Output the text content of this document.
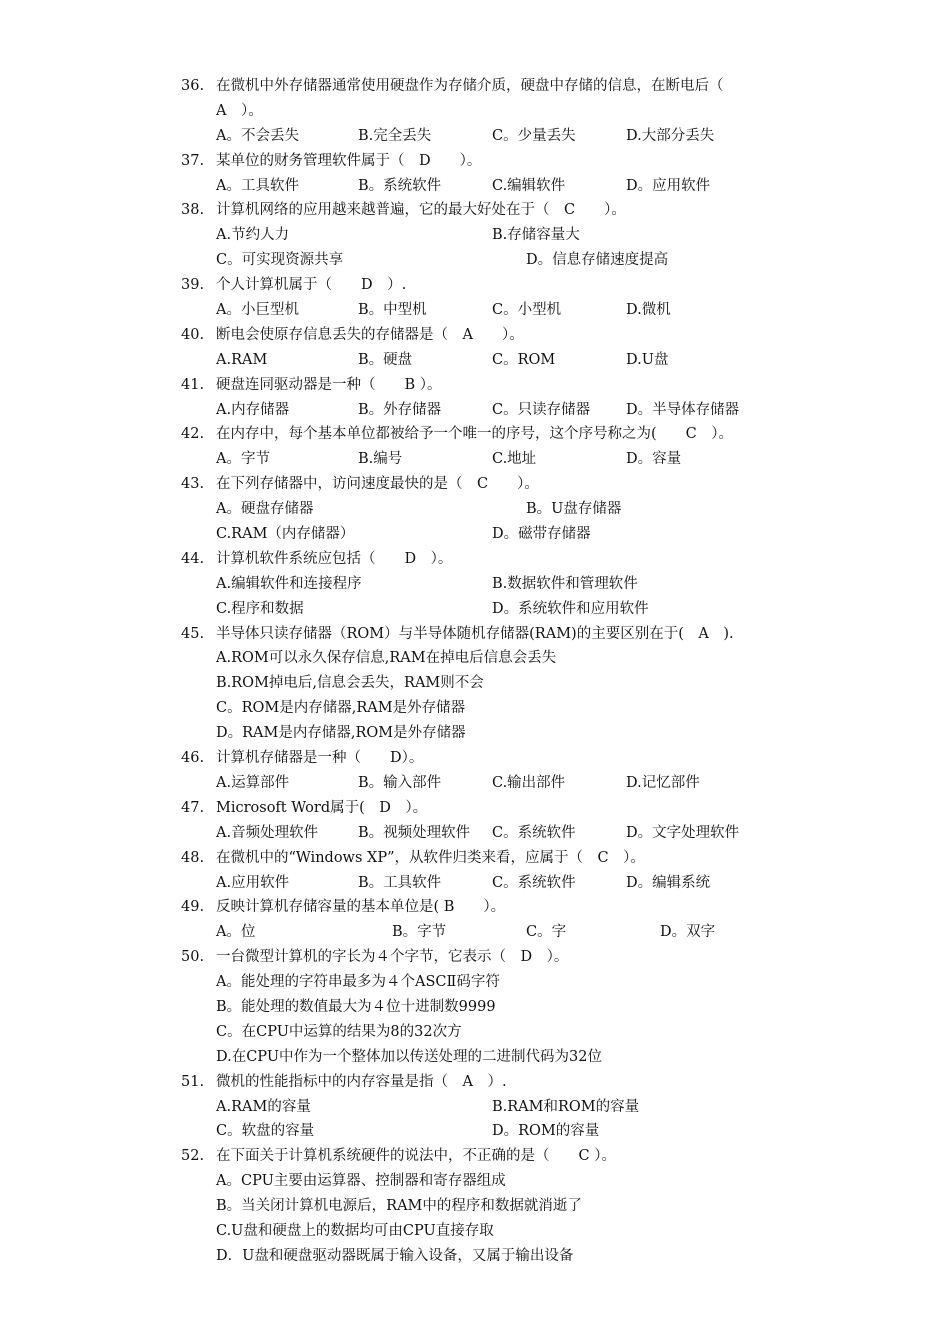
36. 在微机中外存储器通常使用硬盘作为存储介质，硬盘中存储的信息，在断电后（
A　）。
A。不会丢失	B.完全丢失	C。少量丢失	D.大部分丢失
37. 某单位的财务管理软件属于（　D　　）。
A。工具软件	B。系统软件	C.编辑软件	D。应用软件
38. 计算机网络的应用越来越普遍，它的最大好处在于（　C　　）。
A.节约人力	B.存储容量大
C。可实现资源共享	D。信息存储速度提高
39. 个人计算机属于（　　D　）.
A。小巨型机	B。中型机	C。小型机	D.微机
40. 断电会使原存信息丢失的存储器是（　A　　）。
A.RAM	B。硬盘	C。ROM	D.U盘
41. 硬盘连同驱动器是一种（　　B ）。
A.内存储器	B。外存储器	C。只读存储器 D。半导体存储器
42. 在内存中，每个基本单位都被给予一个唯一的序号，这个序号称之为(　　C　）。
A。字节	B.编号	C.地址	D。容量
43. 在下列存储器中，访问速度最快的是（　C　　）。
A。硬盘存储器	B。U盘存储器
C.RAM（内存储器）	D。磁带存储器
44. 计算机软件系统应包括（　　D　）。
A.编辑软件和连接程序	B.数据软件和管理软件
C.程序和数据	D。系统软件和应用软件
45. 半导体只读存储器（ROM）与半导体随机存储器(RAM)的主要区别在于(　A　).
A.ROM可以永久保存信息,RAM在掉电后信息会丢失
B.ROM掉电后,信息会丢失，RAM则不会
C。ROM是内存储器,RAM是外存储器
D。RAM是内存储器,ROM是外存储器
46. 计算机存储器是一种（　　D）。
A.运算部件	B。输入部件	C.输出部件	D.记忆部件
47. Microsoft Word属于(　D　）。
A.音频处理软件	B。视频处理软件 C。系统软件	D。文字处理软件
48. 在微机中的“Windows XP”，从软件归类来看，应属于（　C　）。
A.应用软件	B。工具软件	C。系统软件	D。编辑系统
49. 反映计算机存储容量的基本单位是( B　　）。
A。位	B。字节	C。字	D。双字
50. 一台微型计算机的字长为４个字节，它表示（　D　）。
A。能处理的字符串最多为４个ASCⅡ码字符
B。能处理的数值最大为４位十进制数9999
C。在CPU中运算的结果为8的32次方
D.在CPU中作为一个整体加以传送处理的二进制代码为32位
51. 微机的性能指标中的内存容量是指（　A　）.
A.RAM的容量	B.RAM和ROM的容量
C。软盘的容量	D。ROM的容量
52. 在下面关于计算机系统硬件的说法中，不正确的是（　　C ）。
A。CPU主要由运算器、控制器和寄存器组成
B。当关闭计算机电源后，RAM中的程序和数据就消逝了
C.U盘和硬盘上的数据均可由CPU直接存取
D．U盘和硬盘驱动器既属于输入设备，又属于输出设备
